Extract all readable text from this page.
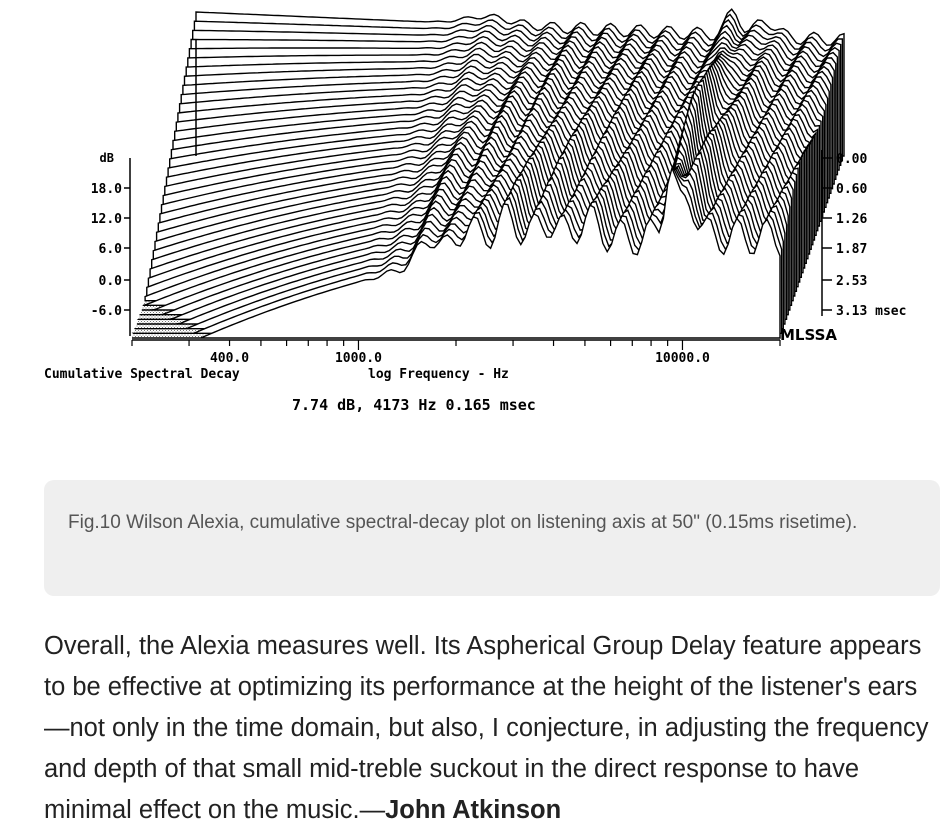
dB
18.0
12.0
6.0
0.0
-6.0
400.0	1000.0	10000.0
Cumulative Spectral Decay	log Frequency - Hz
0.00
0.60
1.26
1.87
2.53
3.13 msec
MLSSA
7.74 dB, 4173 Hz 0.165 msec
Fig.10 Wilson Alexia, cumulative spectral-decay plot on listening axis at 50" (0.15ms risetime).

Overall, the Alexia measures well. Its Aspherical Group Delay feature appears to be effective at optimizing its performance at the height of the listener's ears—not only in the time domain, but also, I conjecture, in adjusting the frequency and depth of that small mid-treble suckout in the direct response to have minimal effect on the music.—John Atkinson
